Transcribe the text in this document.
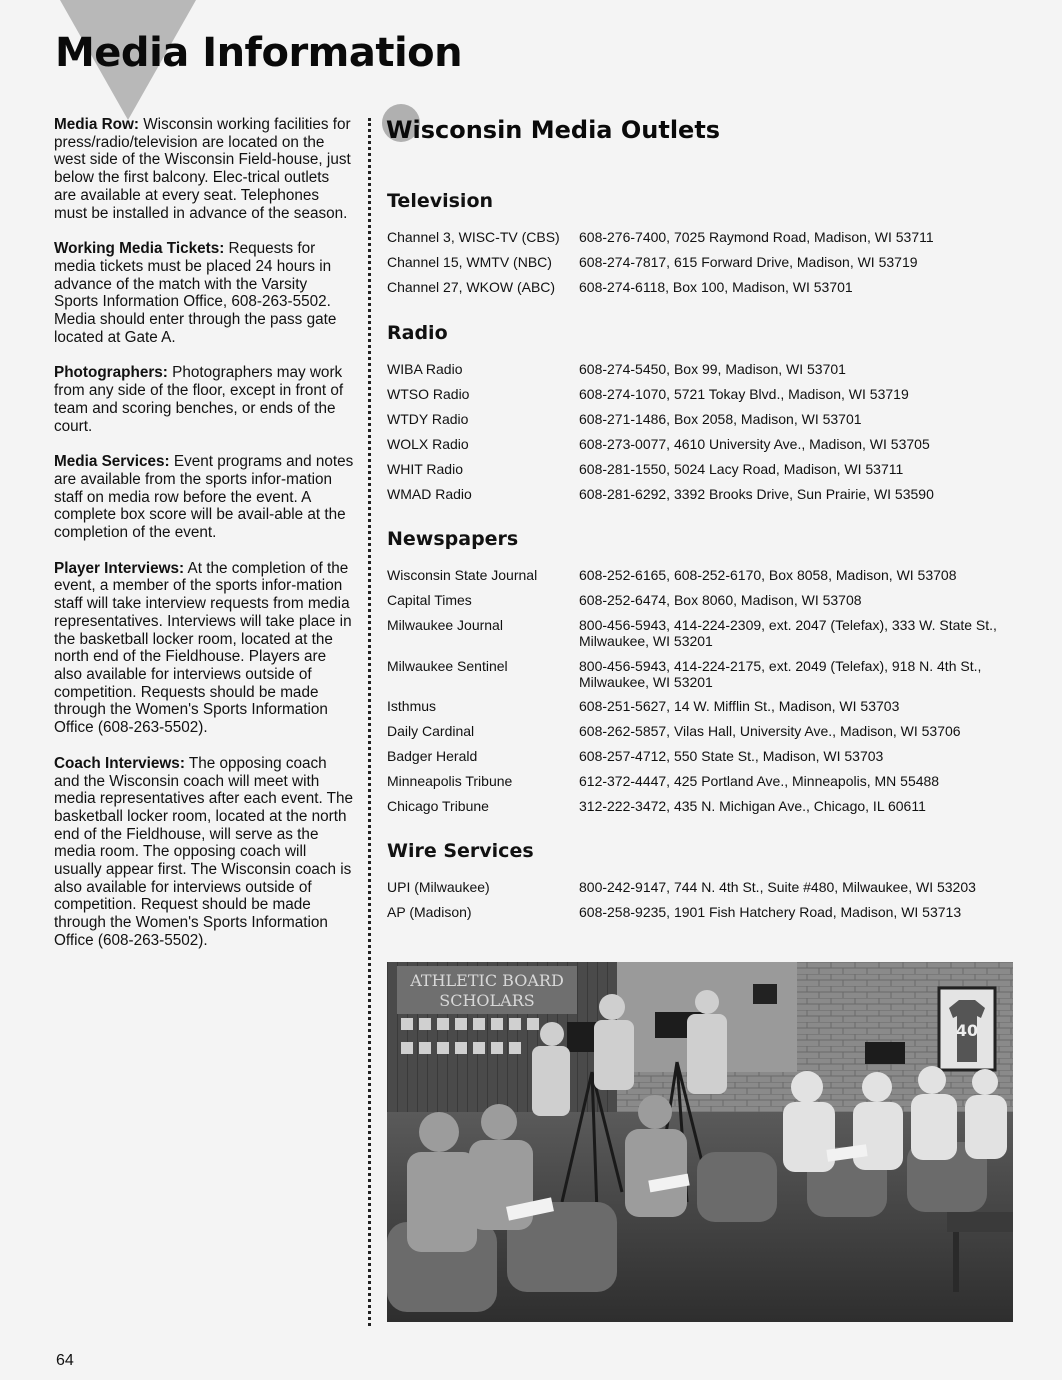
Media Information

Media Row: Wisconsin working facilities for press/radio/television are located on the west side of the Wisconsin Field-house, just below the first balcony. Elec-trical outlets are available at every seat. Telephones must be installed in advance of the season.

Working Media Tickets: Requests for media tickets must be placed 24 hours in advance of the match with the Varsity Sports Information Office, 608-263-5502. Media should enter through the pass gate located at Gate A.

Photographers: Photographers may work from any side of the floor, except in front of team and scoring benches, or ends of the court.

Media Services: Event programs and notes are available from the sports infor-mation staff on media row before the event. A complete box score will be avail-able at the completion of the event.

Player Interviews: At the completion of the event, a member of the sports infor-mation staff will take interview requests from media representatives. Interviews will take place in the basketball locker room, located at the north end of the Fieldhouse. Players are also available for interviews outside of competition. Requests should be made through the Women's Sports Information Office (608-263-5502).

Coach Interviews: The opposing coach and the Wisconsin coach will meet with media representatives after each event. The basketball locker room, located at the north end of the Fieldhouse, will serve as the media room. The opposing coach will usually appear first. The Wisconsin coach is also available for interviews outside of competition. Request should be made through the Women's Sports Information Office (608-263-5502).

Wisconsin Media Outlets
Television
Channel 3, WISC-TV (CBS)	608-276-7400, 7025 Raymond Road, Madison, WI 53711
Channel 15, WMTV (NBC)	608-274-7817, 615 Forward Drive, Madison, WI 53719
Channel 27, WKOW (ABC)	608-274-6118, Box 100, Madison, WI 53701
Radio
WIBA Radio	608-274-5450, Box 99, Madison, WI 53701
WTSO Radio	608-274-1070, 5721 Tokay Blvd., Madison, WI 53719
WTDY Radio	608-271-1486, Box 2058, Madison, WI 53701
WOLX Radio	608-273-0077, 4610 University Ave., Madison, WI 53705
WHIT Radio	608-281-1550, 5024 Lacy Road, Madison, WI 53711
WMAD Radio	608-281-6292, 3392 Brooks Drive, Sun Prairie, WI 53590
Newspapers
Wisconsin State Journal	608-252-6165, 608-252-6170, Box 8058, Madison, WI 53708
Capital Times	608-252-6474, Box 8060, Madison, WI 53708
Milwaukee Journal	800-456-5943, 414-224-2309, ext. 2047 (Telefax), 333 W. State St., Milwaukee, WI 53201
Milwaukee Sentinel	800-456-5943, 414-224-2175, ext. 2049 (Telefax), 918 N. 4th St., Milwaukee, WI 53201
Isthmus	608-251-5627, 14 W. Mifflin St., Madison, WI 53703
Daily Cardinal	608-262-5857, Vilas Hall, University Ave., Madison, WI 53706
Badger Herald	608-257-4712, 550 State St., Madison, WI 53703
Minneapolis Tribune	612-372-4447, 425 Portland Ave., Minneapolis, MN 55488
Chicago Tribune	312-222-3472, 435 N. Michigan Ave., Chicago, IL 60611
Wire Services
UPI (Milwaukee)	800-242-9147, 744 N. 4th St., Suite #480, Milwaukee, WI 53203
AP (Madison)	608-258-9235, 1901 Fish Hatchery Road, Madison, WI 53713
ATHLETIC BOARD
SCHOLARS
40
64
